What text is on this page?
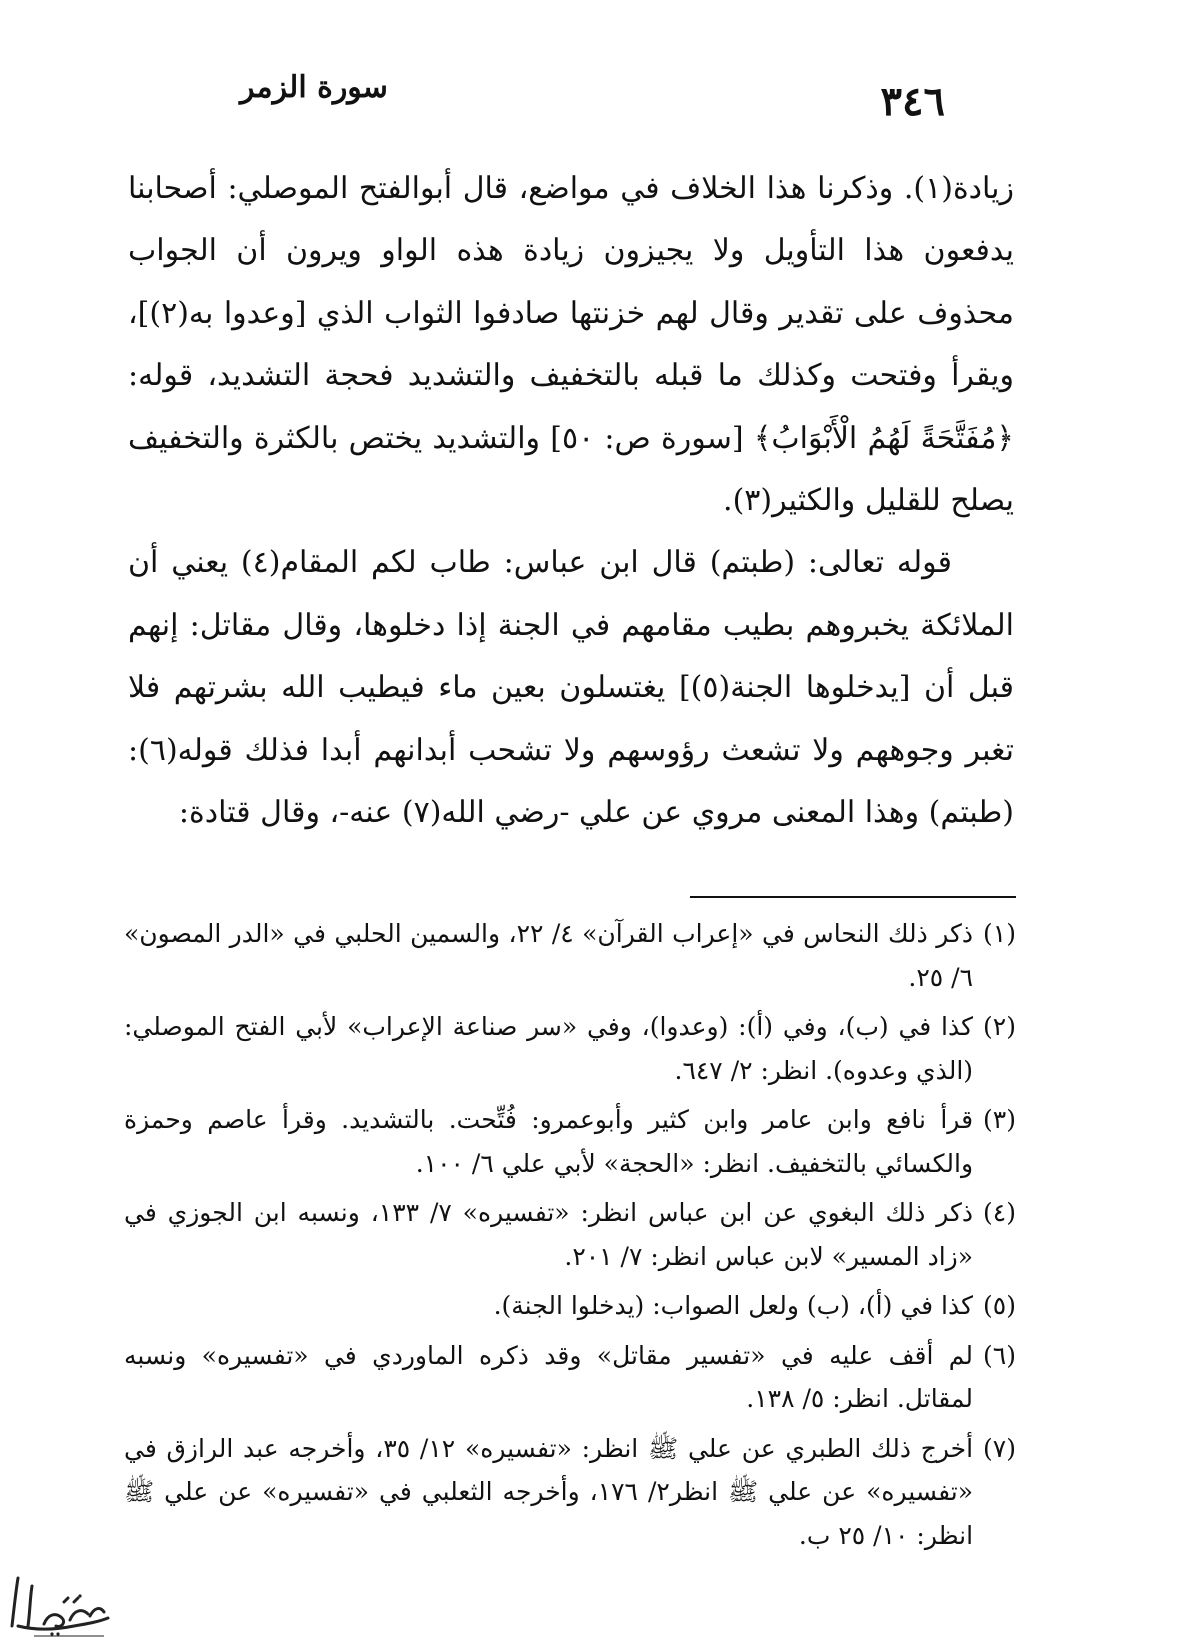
٣٤٦
سورة الزمر

زيادة(١). وذكرنا هذا الخلاف في مواضع، قال أبوالفتح الموصلي: أصحابنا يدفعون هذا التأويل ولا يجيزون زيادة هذه الواو ويرون أن الجواب محذوف على تقدير وقال لهم خزنتها صادفوا الثواب الذي [وعدوا به(٢)]، ويقرأ وفتحت وكذلك ما قبله بالتخفيف والتشديد فحجة التشديد، قوله: ﴿مُفَتَّحَةً لَهُمُ الْأَبْوَابُ﴾ [سورة ص: ٥٠] والتشديد يختص بالكثرة والتخفيف يصلح للقليل والكثير(٣).

قوله تعالى: (طبتم) قال ابن عباس: طاب لكم المقام(٤) يعني أن الملائكة يخبروهم بطيب مقامهم في الجنة إذا دخلوها، وقال مقاتل: إنهم قبل أن [يدخلوها الجنة(٥)] يغتسلون بعين ماء فيطيب الله بشرتهم فلا تغبر وجوههم ولا تشعث رؤوسهم ولا تشحب أبدانهم أبدا فذلك قوله(٦): (طبتم) وهذا المعنى مروي عن علي -رضي الله(٧) عنه-، وقال قتادة:

(١)
ذكر ذلك النحاس في «إعراب القرآن» ٤/ ٢٢، والسمين الحلبي في «الدر المصون» ٦/ ٢٥.
(٢)
كذا في (ب)، وفي (أ): (وعدوا)، وفي «سر صناعة الإعراب» لأبي الفتح الموصلي: (الذي وعدوه). انظر: ٢/ ٦٤٧.
(٣)
قرأ نافع وابن عامر وابن كثير وأبوعمرو: فُتِّحت. بالتشديد. وقرأ عاصم وحمزة والكسائي بالتخفيف. انظر: «الحجة» لأبي علي ٦/ ١٠٠.
(٤)
ذكر ذلك البغوي عن ابن عباس انظر: «تفسيره» ٧/ ١٣٣، ونسبه ابن الجوزي في «زاد المسير» لابن عباس انظر: ٧/ ٢٠١.
(٥)
كذا في (أ)، (ب) ولعل الصواب: (يدخلوا الجنة).
(٦)
لم أقف عليه في «تفسير مقاتل» وقد ذكره الماوردي في «تفسيره» ونسبه لمقاتل. انظر: ٥/ ١٣٨.
(٧)
أخرج ذلك الطبري عن علي ﷺ انظر: «تفسيره» ١٢/ ٣٥، وأخرجه عبد الرازق في «تفسيره» عن علي ﷺ انظر٢/ ١٧٦، وأخرجه الثعلبي في «تفسيره» عن علي ﷺ انظر: ١٠/ ٢٥ ب.
